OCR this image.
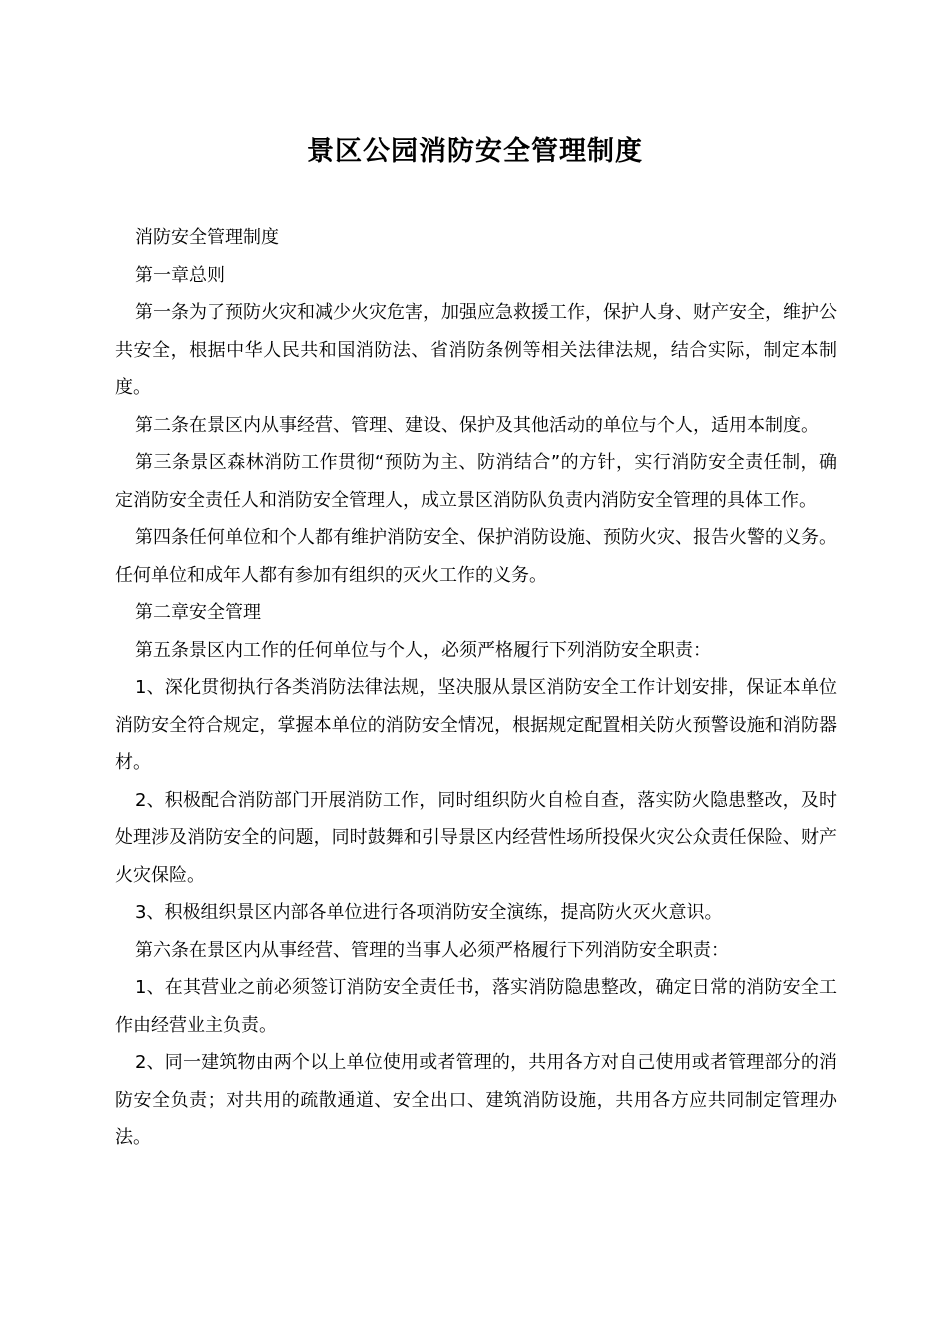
景区公园消防安全管理制度

消防安全管理制度

第一章总则

第一条为了预防火灾和减少火灾危害，加强应急救援工作，保护人身、财产安全，维护公共安全，根据中华人民共和国消防法、省消防条例等相关法律法规，结合实际，制定本制度。

第二条在景区内从事经营、管理、建设、保护及其他活动的单位与个人，适用本制度。

第三条景区森林消防工作贯彻“预防为主、防消结合”的方针，实行消防安全责任制，确定消防安全责任人和消防安全管理人，成立景区消防队负责内消防安全管理的具体工作。

第四条任何单位和个人都有维护消防安全、保护消防设施、预防火灾、报告火警的义务。任何单位和成年人都有参加有组织的灭火工作的义务。

第二章安全管理

第五条景区内工作的任何单位与个人，必须严格履行下列消防安全职责：

1、深化贯彻执行各类消防法律法规，坚决服从景区消防安全工作计划安排，保证本单位消防安全符合规定，掌握本单位的消防安全情况，根据规定配置相关防火预警设施和消防器材。

2、积极配合消防部门开展消防工作，同时组织防火自检自查，落实防火隐患整改，及时处理涉及消防安全的问题，同时鼓舞和引导景区内经营性场所投保火灾公众责任保险、财产火灾保险。

3、积极组织景区内部各单位进行各项消防安全演练，提高防火灭火意识。

第六条在景区内从事经营、管理的当事人必须严格履行下列消防安全职责：

1、在其营业之前必须签订消防安全责任书，落实消防隐患整改，确定日常的消防安全工作由经营业主负责。

2、同一建筑物由两个以上单位使用或者管理的，共用各方对自己使用或者管理部分的消防安全负责；对共用的疏散通道、安全出口、建筑消防设施，共用各方应共同制定管理办法。
